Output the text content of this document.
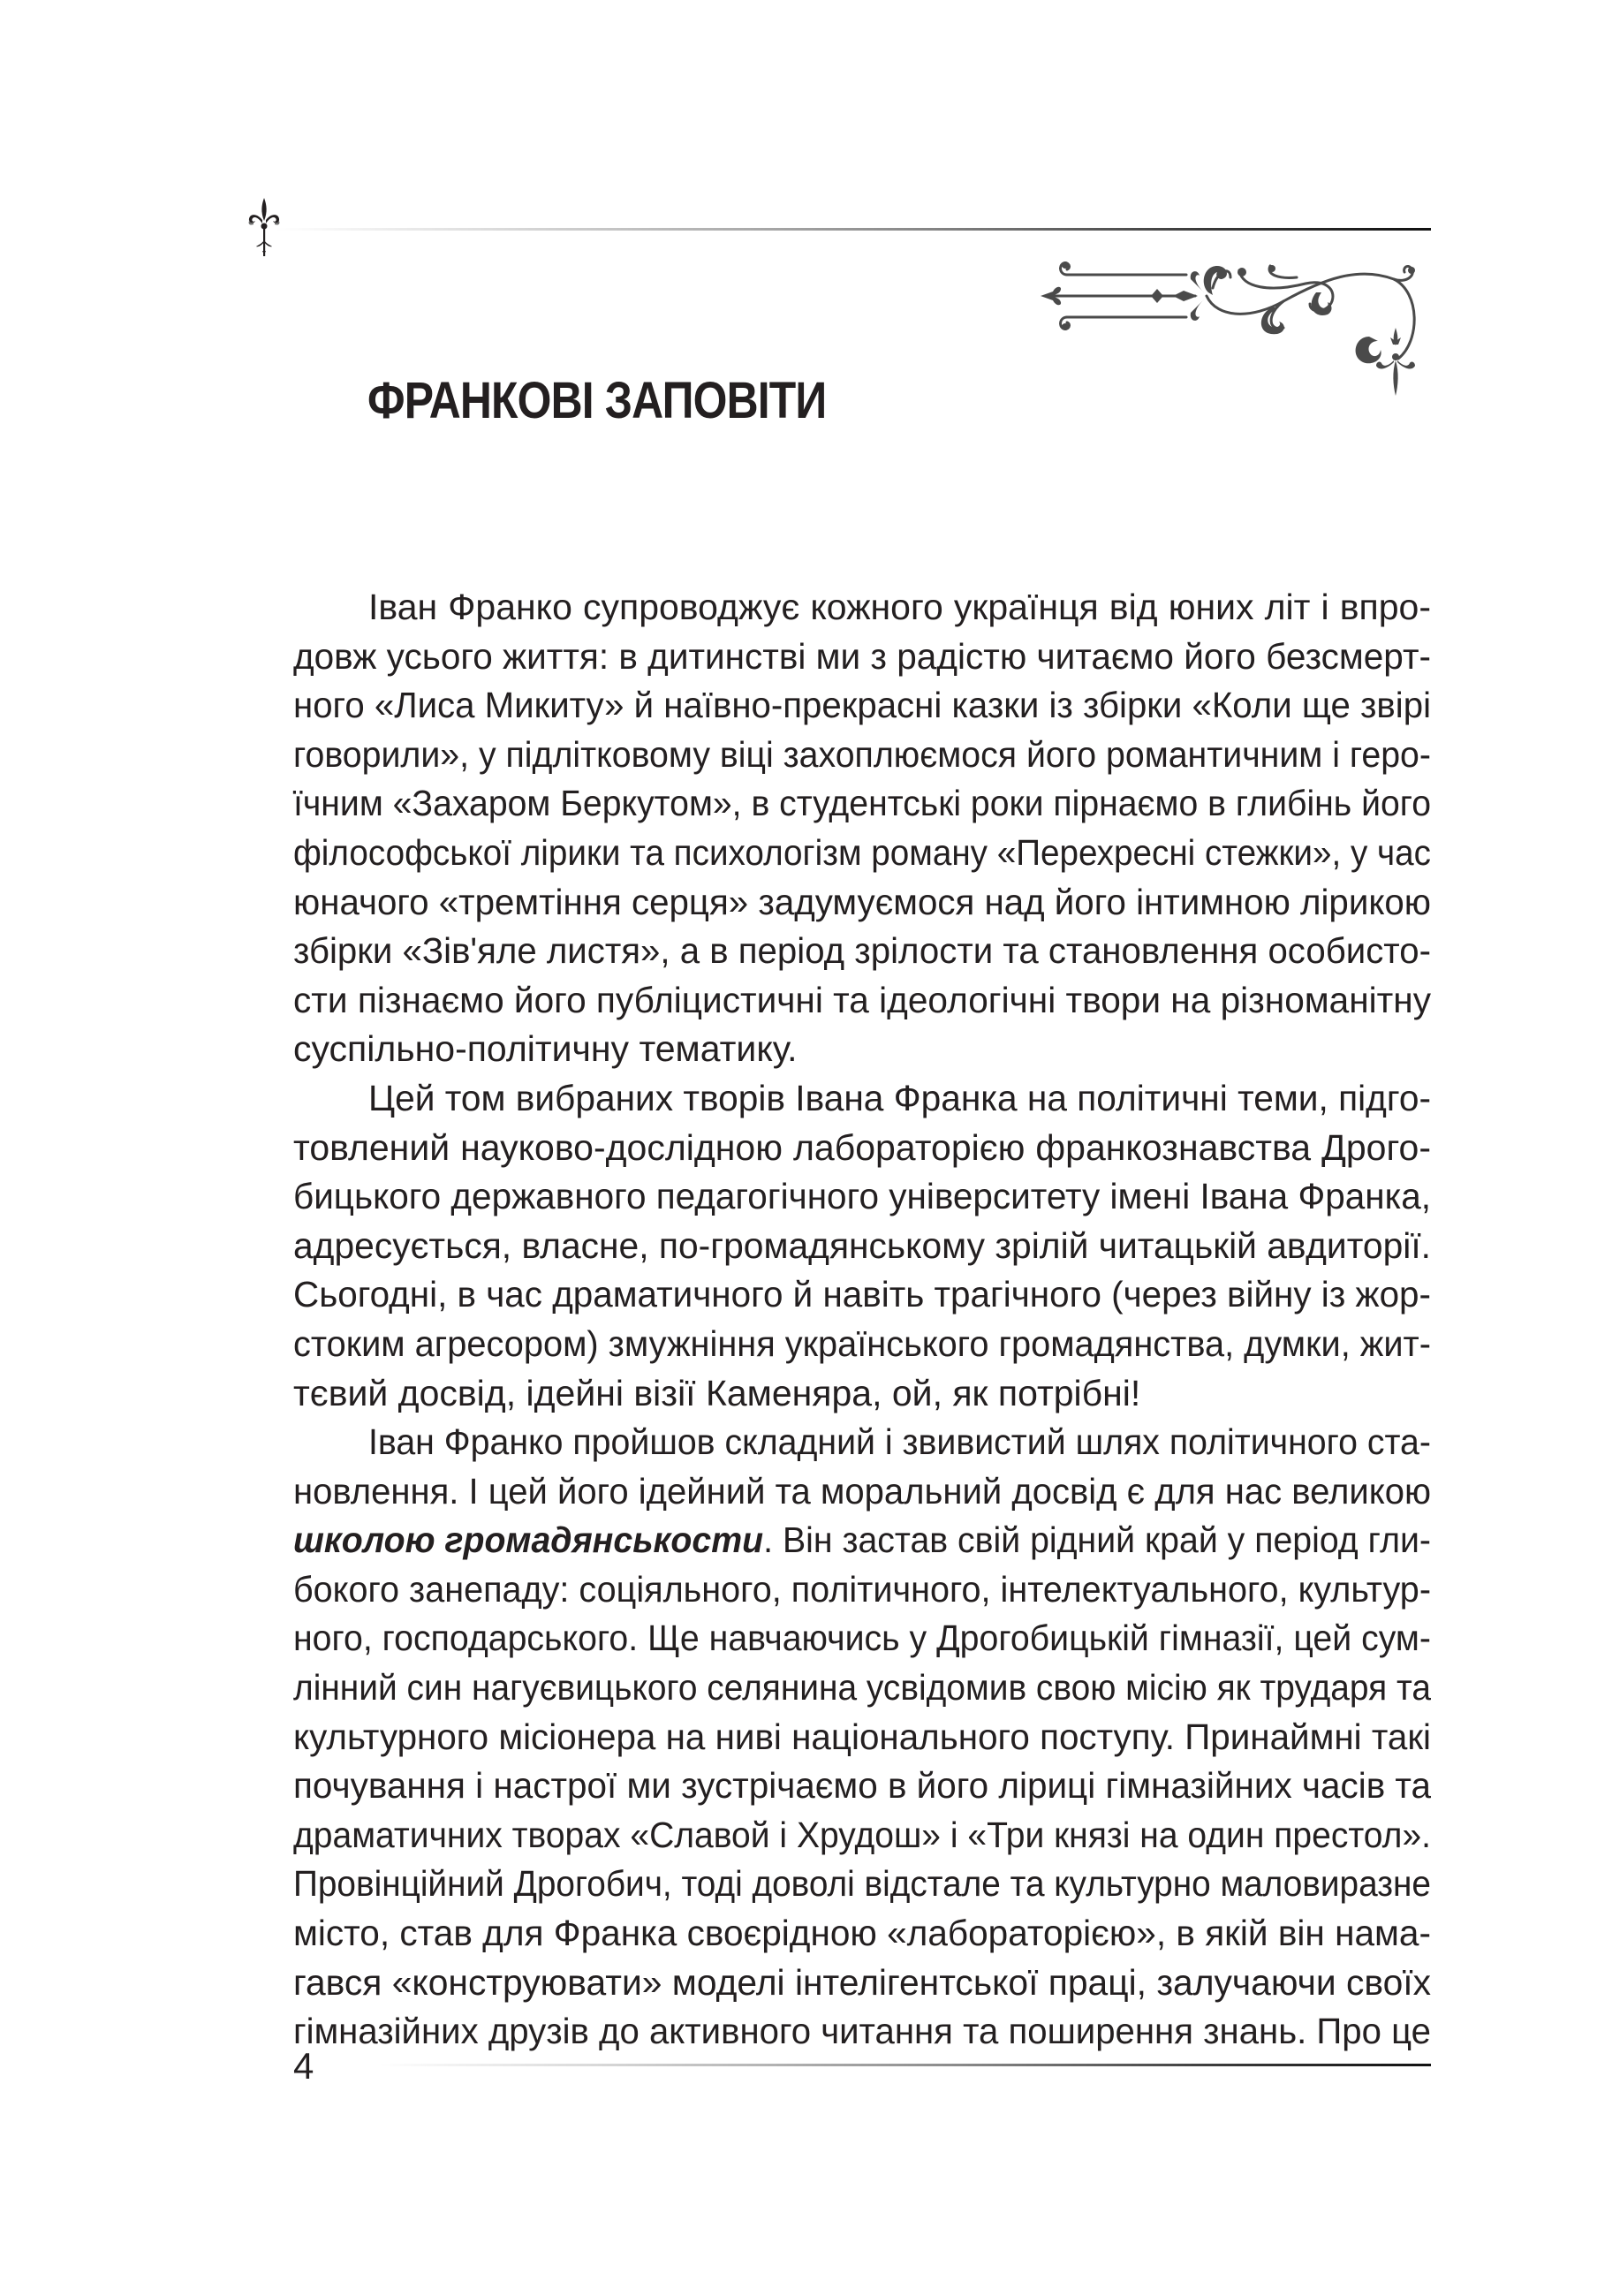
ФРАНКОВІ ЗАПОВІТИ
Іван Франко супроводжує кожного українця від юних літ і впро-
довж усього життя: в дитинстві ми з радістю читаємо його безсмерт-
ного «Лиса Микиту» й наївно-прекрасні казки із збірки «Коли ще звірі
говорили», у підлітковому віці захоплюємося його романтичним і геро-
їчним «Захаром Беркутом», в студентські роки пірнаємо в глибінь його
філософської лірики та психологізм роману «Перехресні стежки», у час
юначого «тремтіння серця» задумуємося над його інтимною лірикою
збірки «Зів'яле листя», а в період зрілости та становлення особисто-
сти пізнаємо його публіцистичні та ідеологічні твори на різноманітну
суспільно-політичну тематику.
Цей том вибраних творів Івана Франка на політичні теми, підго-
товлений науково-дослідною лабораторією франкознавства Дрого-
бицького державного педагогічного університету імені Івана Франка,
адресується, власне, по-громадянському зрілій читацькій авдиторії.
Сьогодні, в час драматичного й навіть трагічного (через війну із жор-
стоким агресором) змужніння українського громадянства, думки, жит-
тєвий досвід, ідейні візії Каменяра, ой, як потрібні!
Іван Франко пройшов складний і звивистий шлях політичного ста-
новлення. І цей його ідейний та моральний досвід є для нас великою
школою громадянськости. Він застав свій рідний край у період гли-
бокого занепаду: соціяльного, політичного, інтелектуального, культур-
ного, господарського. Ще навчаючись у Дрогобицькій гімназії, цей сум-
лінний син нагуєвицького селянина усвідомив свою місію як трударя та
культурного місіонера на ниві національного поступу. Принаймні такі
почування і настрої ми зустрічаємо в його ліриці гімназійних часів та
драматичних творах «Славой і Хрудош» і «Три князі на один престол».
Провінційний Дрогобич, тоді доволі відстале та культурно маловиразне
місто, став для Франка своєрідною «лабораторією», в якій він нама-
гався «конструювати» моделі інтелігентської праці, залучаючи своїх
гімназійних друзів до активного читання та поширення знань. Про це
4
